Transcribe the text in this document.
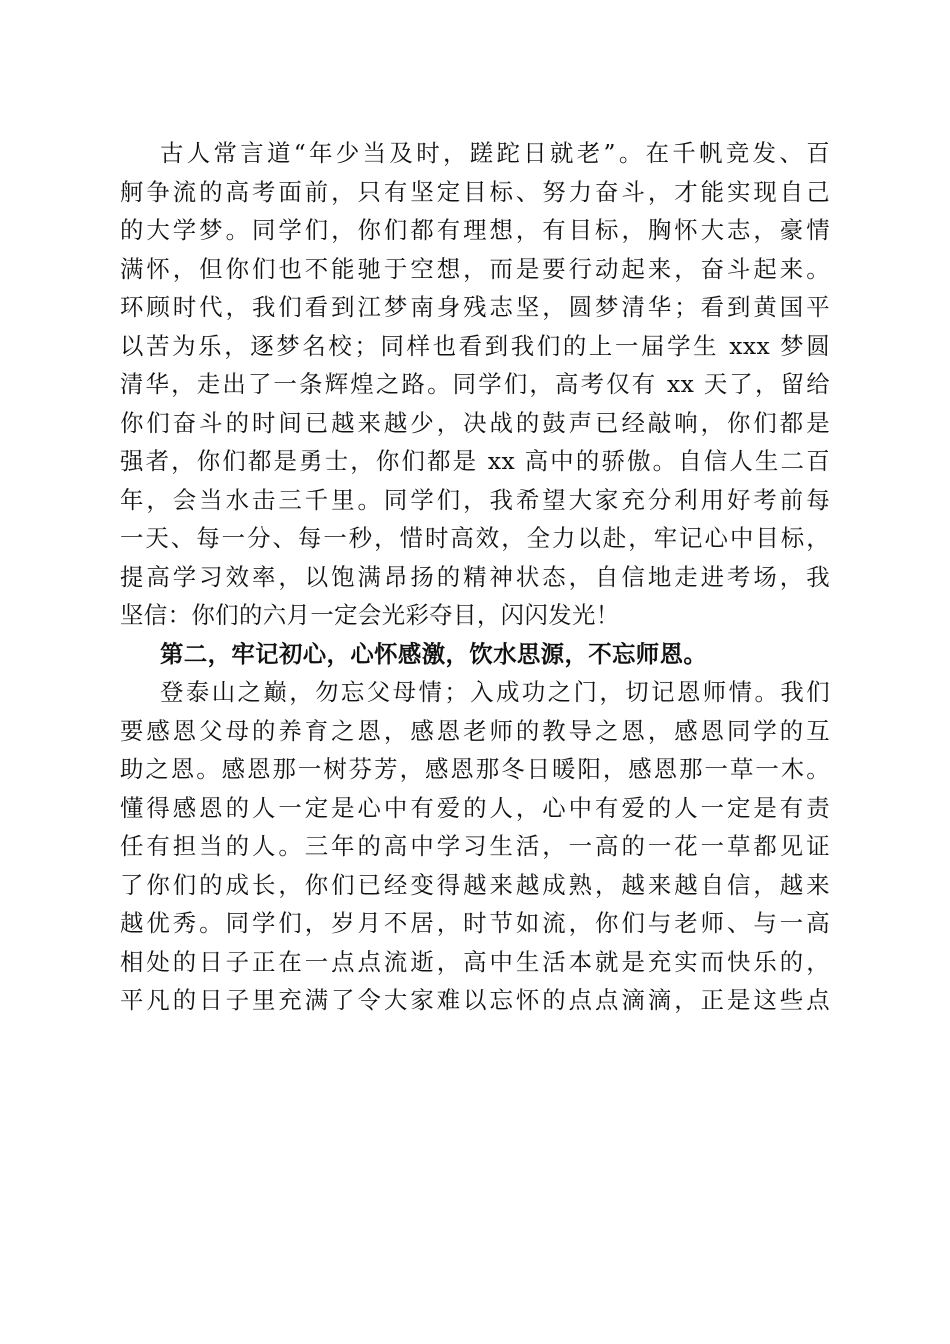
古人常言道“年少当及时，蹉跎日就老”。在千帆竞发、百
舸争流的高考面前，只有坚定目标、努力奋斗，才能实现自己
的大学梦。同学们，你们都有理想，有目标，胸怀大志，豪情
满怀，但你们也不能驰于空想，而是要行动起来，奋斗起来。
环顾时代，我们看到江梦南身残志坚，圆梦清华；看到黄国平
以苦为乐，逐梦名校；同样也看到我们的上一届学生 xxx 梦圆
清华，走出了一条辉煌之路。同学们，高考仅有 xx 天了，留给
你们奋斗的时间已越来越少，决战的鼓声已经敲响，你们都是
强者，你们都是勇士，你们都是 xx 高中的骄傲。自信人生二百
年，会当水击三千里。同学们，我希望大家充分利用好考前每
一天、每一分、每一秒，惜时高效，全力以赴，牢记心中目标，
提高学习效率，以饱满昂扬的精神状态，自信地走进考场，我
坚信：你们的六月一定会光彩夺目，闪闪发光！
第二，牢记初心，心怀感激，饮水思源，不忘师恩。
登泰山之巅，勿忘父母情；入成功之门，切记恩师情。我们
要感恩父母的养育之恩，感恩老师的教导之恩，感恩同学的互
助之恩。感恩那一树芬芳，感恩那冬日暖阳，感恩那一草一木。
懂得感恩的人一定是心中有爱的人，心中有爱的人一定是有责
任有担当的人。三年的高中学习生活，一高的一花一草都见证
了你们的成长，你们已经变得越来越成熟，越来越自信，越来
越优秀。同学们，岁月不居，时节如流，你们与老师、与一高
相处的日子正在一点点流逝，高中生活本就是充实而快乐的，
平凡的日子里充满了令大家难以忘怀的点点滴滴，正是这些点
